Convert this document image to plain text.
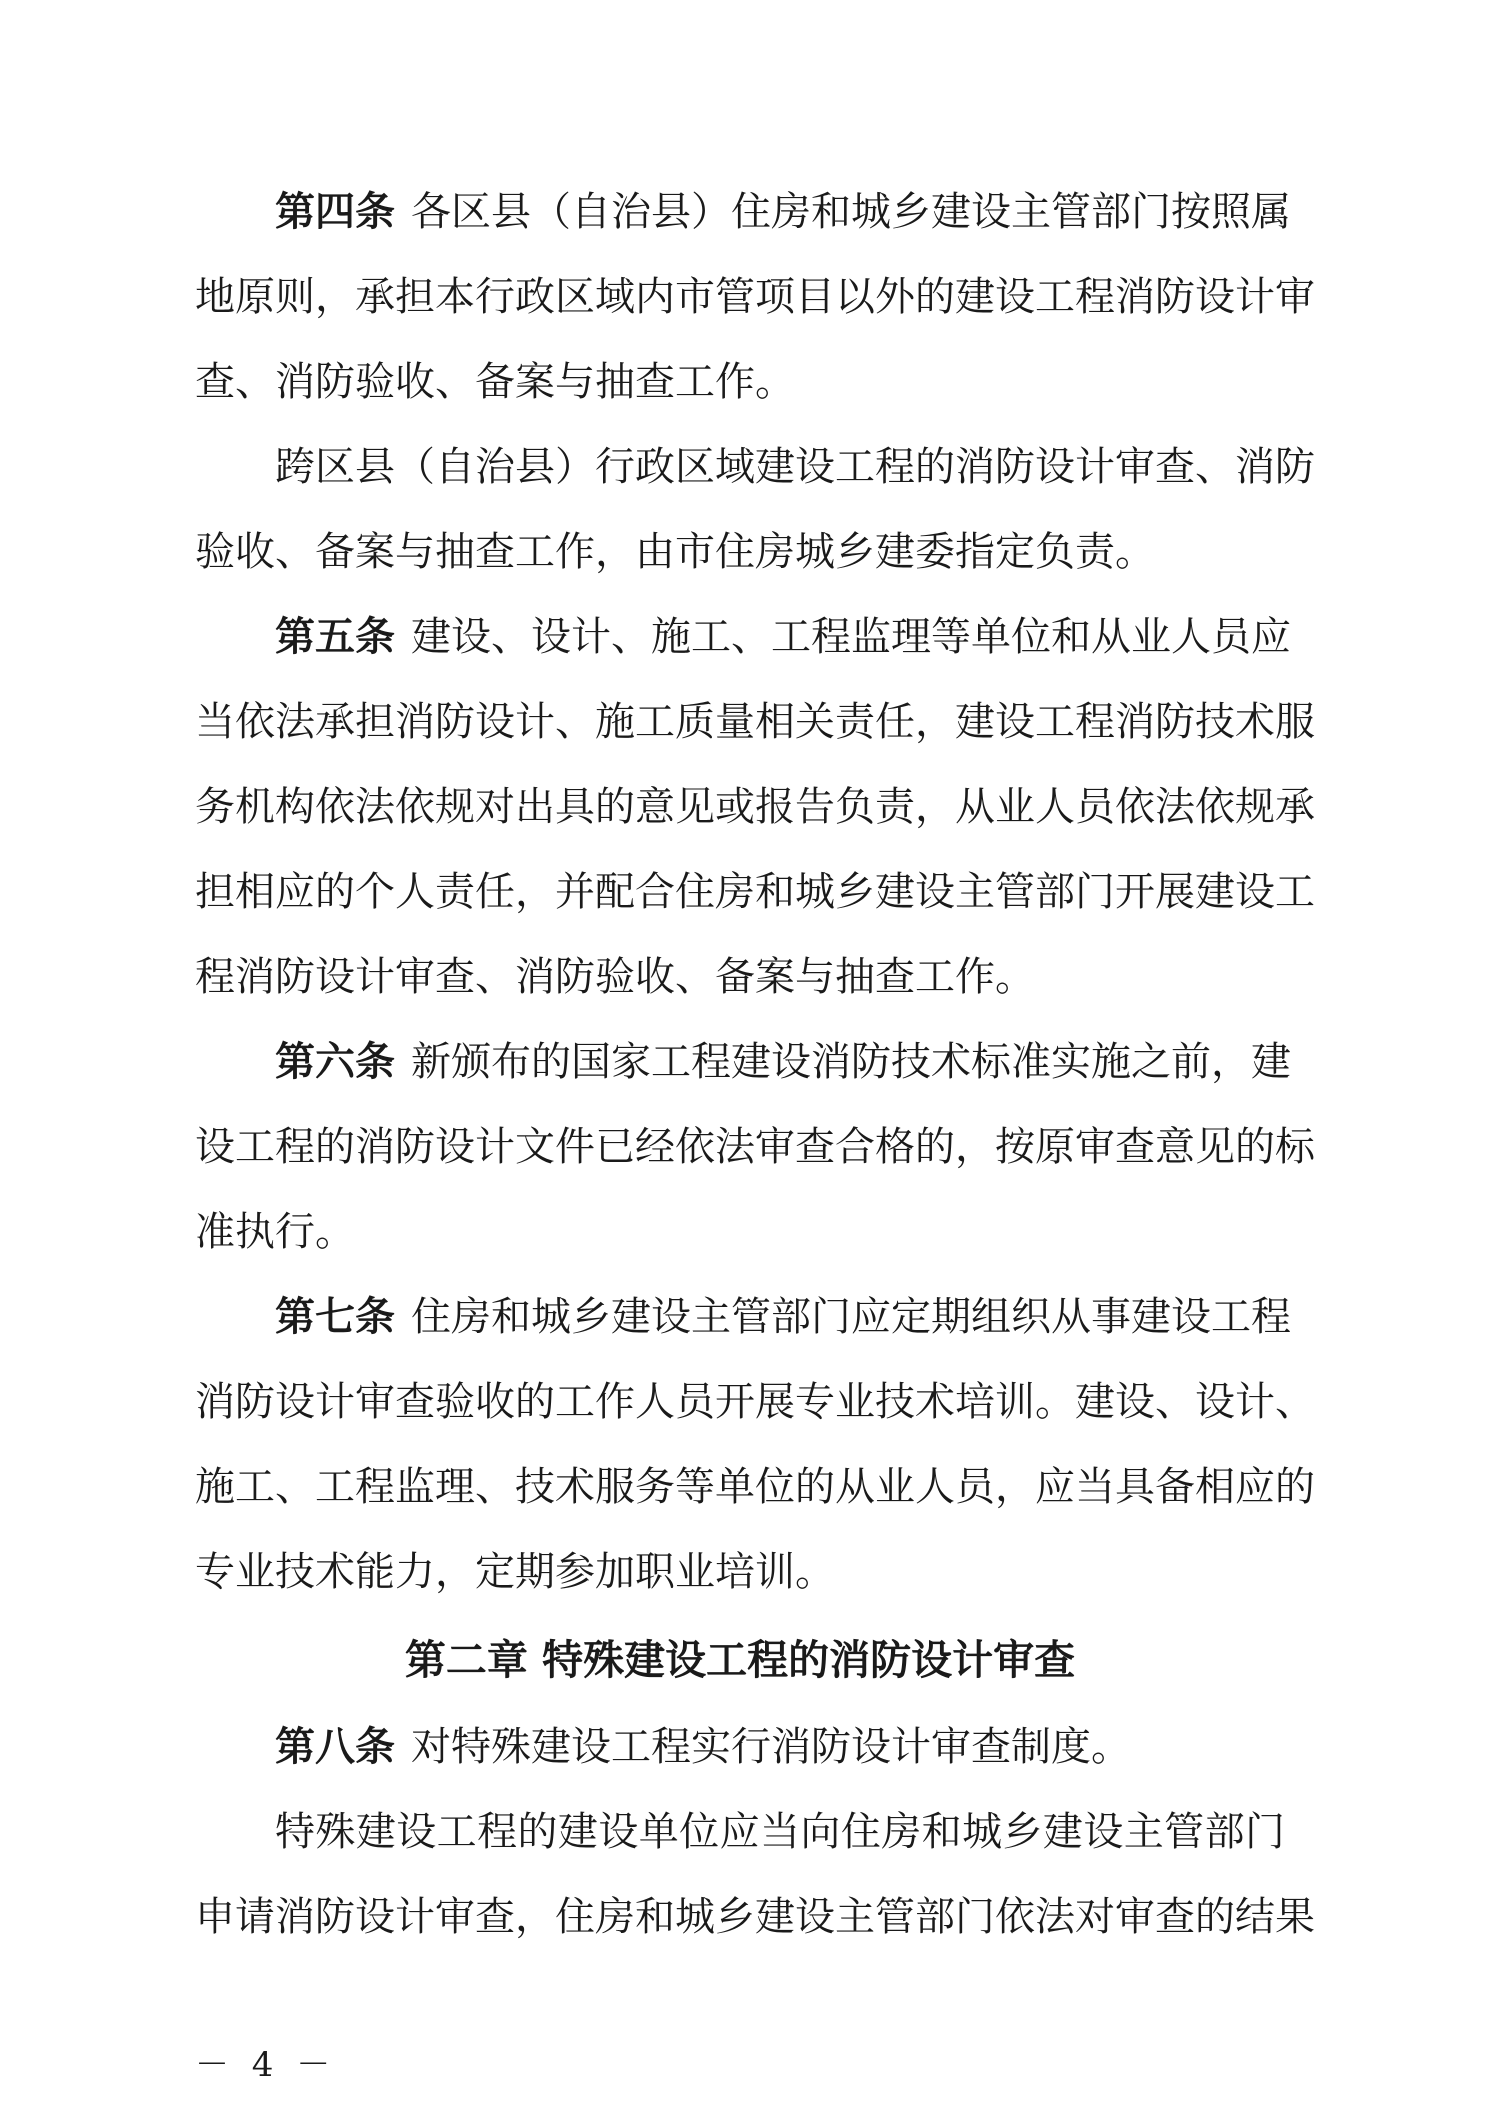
第四条 各区县（自治县）住房和城乡建设主管部门按照属
地原则，承担本行政区域内市管项目以外的建设工程消防设计审
查、消防验收、备案与抽查工作。
跨区县（自治县）行政区域建设工程的消防设计审查、消防
验收、备案与抽查工作，由市住房城乡建委指定负责。
第五条 建设、设计、施工、工程监理等单位和从业人员应
当依法承担消防设计、施工质量相关责任，建设工程消防技术服
务机构依法依规对出具的意见或报告负责，从业人员依法依规承
担相应的个人责任，并配合住房和城乡建设主管部门开展建设工
程消防设计审查、消防验收、备案与抽查工作。
第六条 新颁布的国家工程建设消防技术标准实施之前，建
设工程的消防设计文件已经依法审查合格的，按原审查意见的标
准执行。
第七条 住房和城乡建设主管部门应定期组织从事建设工程
消防设计审查验收的工作人员开展专业技术培训。建设、设计、
施工、工程监理、技术服务等单位的从业人员，应当具备相应的
专业技术能力，定期参加职业培训。
第二章 特殊建设工程的消防设计审查
第八条 对特殊建设工程实行消防设计审查制度。
特殊建设工程的建设单位应当向住房和城乡建设主管部门
申请消防设计审查，住房和城乡建设主管部门依法对审查的结果
－ 4 －
